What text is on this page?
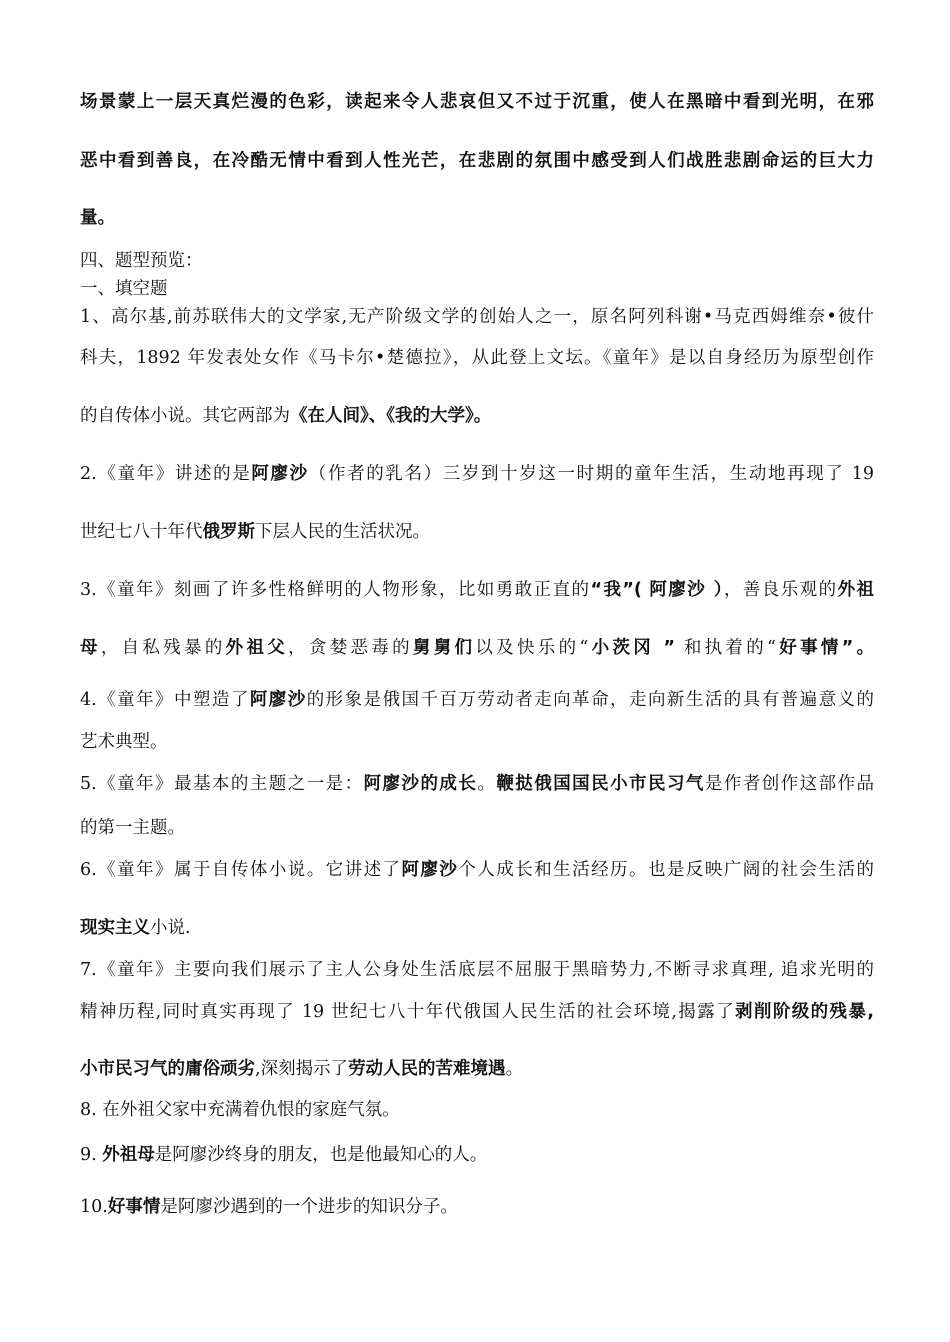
场景蒙上一层天真烂漫的色彩，读起来令人悲哀但又不过于沉重，使人在黑暗中看到光明，在邪
恶中看到善良，在冷酷无情中看到人性光芒，在悲剧的氛围中感受到人们战胜悲剧命运的巨大力
量。
四、题型预览：
一、填空题
1、高尔基,前苏联伟大的文学家,无产阶级文学的创始人之一，原名阿列科谢•马克西姆维奈•彼什
科夫，1892 年发表处女作《马卡尔•楚德拉》，从此登上文坛。《童年》是以自身经历为原型创作
的自传体小说。其它两部为《在人间》、《我的大学》。
2.《童年》讲述的是阿廖沙（作者的乳名）三岁到十岁这一时期的童年生活，生动地再现了 19
世纪七八十年代俄罗斯下层人民的生活状况。
3.《童年》刻画了许多性格鲜明的人物形象，比如勇敢正直的“我”( 阿廖沙 ），善良乐观的外祖
母，自私残暴的外祖父，贪婪恶毒的舅舅们以及快乐的“小茨冈 ” 和执着的“好事情”。
4.《童年》中塑造了阿廖沙的形象是俄国千百万劳动者走向革命，走向新生活的具有普遍意义的
艺术典型。
5.《童年》最基本的主题之一是：阿廖沙的成长。鞭挞俄国国民小市民习气是作者创作这部作品
的第一主题。
6.《童年》属于自传体小说。它讲述了阿廖沙个人成长和生活经历。也是反映广阔的社会生活的
现实主义小说.
7.《童年》主要向我们展示了主人公身处生活底层不屈服于黑暗势力,不断寻求真理, 追求光明的
精神历程,同时真实再现了 19 世纪七八十年代俄国人民生活的社会环境,揭露了剥削阶级的残暴,
小市民习气的庸俗顽劣,深刻揭示了劳动人民的苦难境遇。
8. 在外祖父家中充满着仇恨的家庭气氛。
9. 外祖母是阿廖沙终身的朋友，也是他最知心的人。
10.好事情是阿廖沙遇到的一个进步的知识分子。
